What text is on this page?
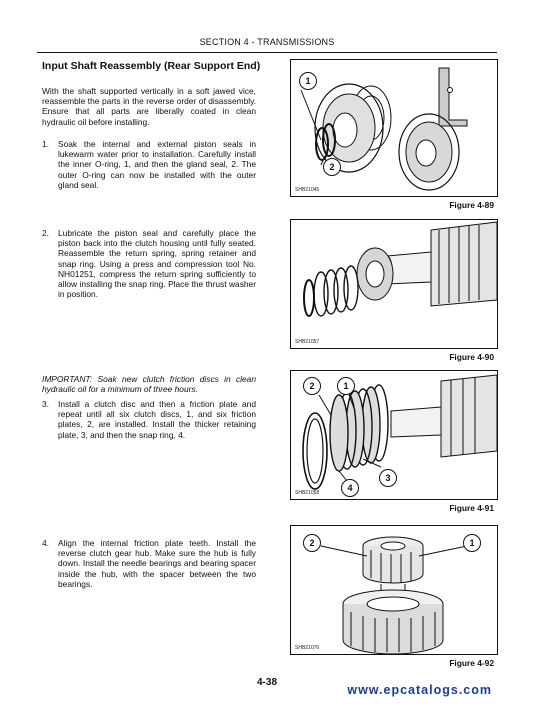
SECTION 4 - TRANSMISSIONS
Input Shaft Reassembly (Rear Support End)
With the shaft supported vertically in a soft jawed vice, reassemble the parts in the reverse order of disassembly. Ensure that all parts are liberally coated in clean hydraulic oil before installing.
1. Soak the internal and external piston seals in lukewarm water prior to installation. Carefully install the inner O-ring, 1, and then the gland seal, 2. The outer O-ring can now be installed with the outer gland seal.
2. Lubricate the piston seal and carefully place the piston back into the clutch housing until fully seated. Reassemble the return spring, spring retainer and snap ring. Using a press and compression tool No. NH01251, compress the return spring sufficiently to allow installing the snap ring. Place the thrust washer in position.
IMPORTANT: Soak new clutch friction discs in clean hydraulic oil for a minimum of three hours.
3. Install a clutch disc and then a friction plate and repeat until all six clutch discs, 1, and six friction plates, 2, are installed. Install the thicker retaining plate, 3, and then the snap ring, 4.
4. Align the internal friction plate teeth. Install the reverse clutch gear hub. Make sure the hub is fully down. Install the needle bearings and bearing spacer inside the hub, with the spacer between the two bearings.
1
2
SHB21045
Figure 4-89
SHB21057
Figure 4-90
2	1
3
4
SHB21058
Figure 4-91
2	1
SHB21076
Figure 4-92
4-38
www.epcatalogs.com
